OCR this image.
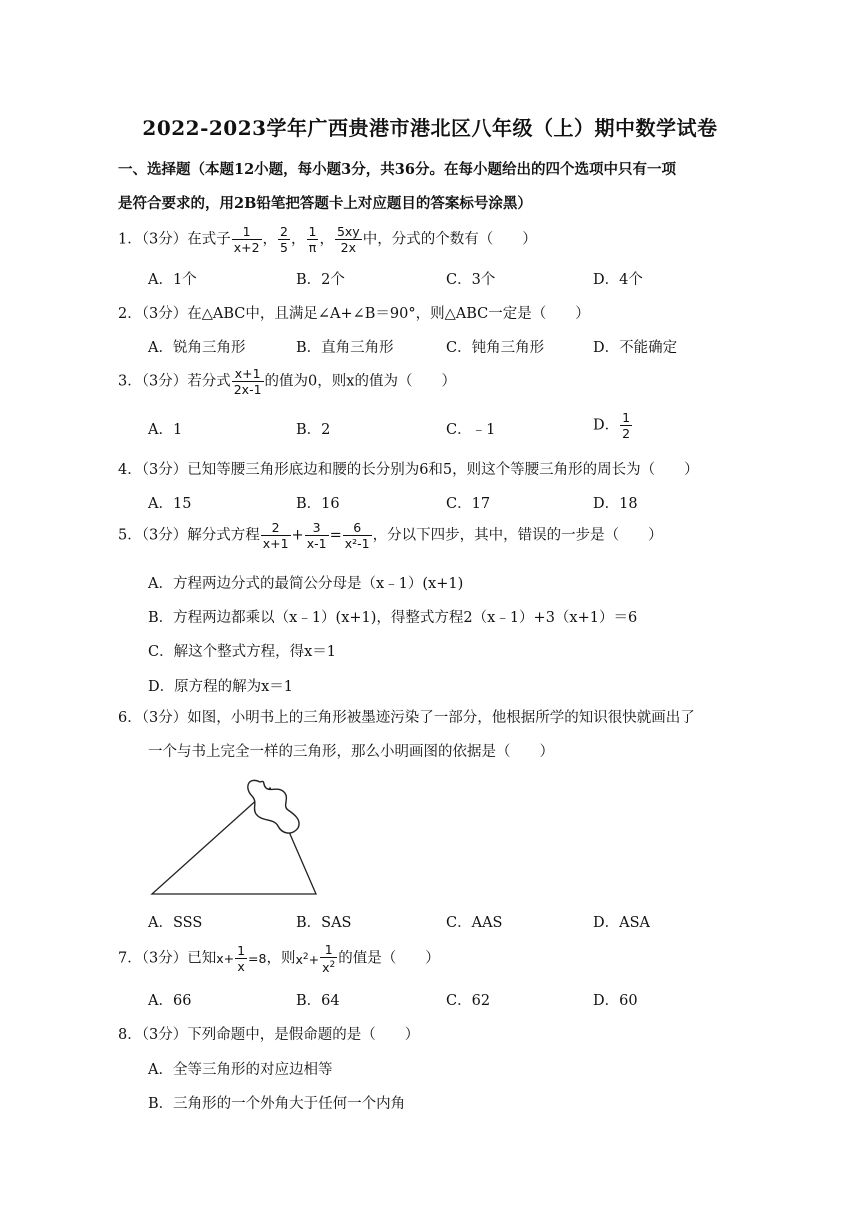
2022-2023学年广西贵港市港北区八年级（上）期中数学试卷
一、选择题（本题12小题，每小题3分，共36分。在每小题给出的四个选项中只有一项
是符合要求的，用2B铅笔把答题卡上对应题目的答案标号涂黑）
1．（3分）在式子 $\frac{1}{x+2}$ ， $\frac{2}{5}$ ， $\frac{1}{\pi}$ ， $\frac{5xy}{2x}$ 中，分式的个数有（　　）
A．1个	B．2个	C．3个	D．4个
2．（3分）在△ABC中，且满足∠A+∠B＝90°，则△ABC一定是（　　）
A．锐角三角形	B．直角三角形	C．钝角三角形	D．不能确定
3．（3分）若分式 $\frac{x+1}{2x-1}$ 的值为0，则x的值为（　　）
A．1	B．2	C．﹣1	D． $\frac{1}{2}$
4．（3分）已知等腰三角形底边和腰的长分别为6和5，则这个等腰三角形的周长为（　　）
A．15	B．16	C．17	D．18
5．（3分）解分式方程 $\frac{2}{x+1} + \frac{3}{x-1} = \frac{6}{\text{x²-1}}$ ，分以下四步，其中，错误的一步是（　　）
A．方程两边分式的最简公分母是（x﹣1）(x+1)
B．方程两边都乘以（x﹣1）(x+1)，得整式方程2（x﹣1）+3（x+1）＝6
C．解这个整式方程，得x＝1
D．原方程的解为x＝1
6．（3分）如图，小明书上的三角形被墨迹污染了一部分，他根据所学的知识很快就画出了
一个与书上完全一样的三角形，那么小明画图的依据是（　　）
A．SSS	B．SAS	C．AAS	D．ASA
7．（3分）已知$x+ \frac{1}{x} =8$，则$x^2+ \frac{1}{x^2}$ 的值是（　　）
A．66	B．64	C．62	D．60
8．（3分）下列命题中，是假命题的是（　　）
A．全等三角形的对应边相等
B．三角形的一个外角大于任何一个内角
